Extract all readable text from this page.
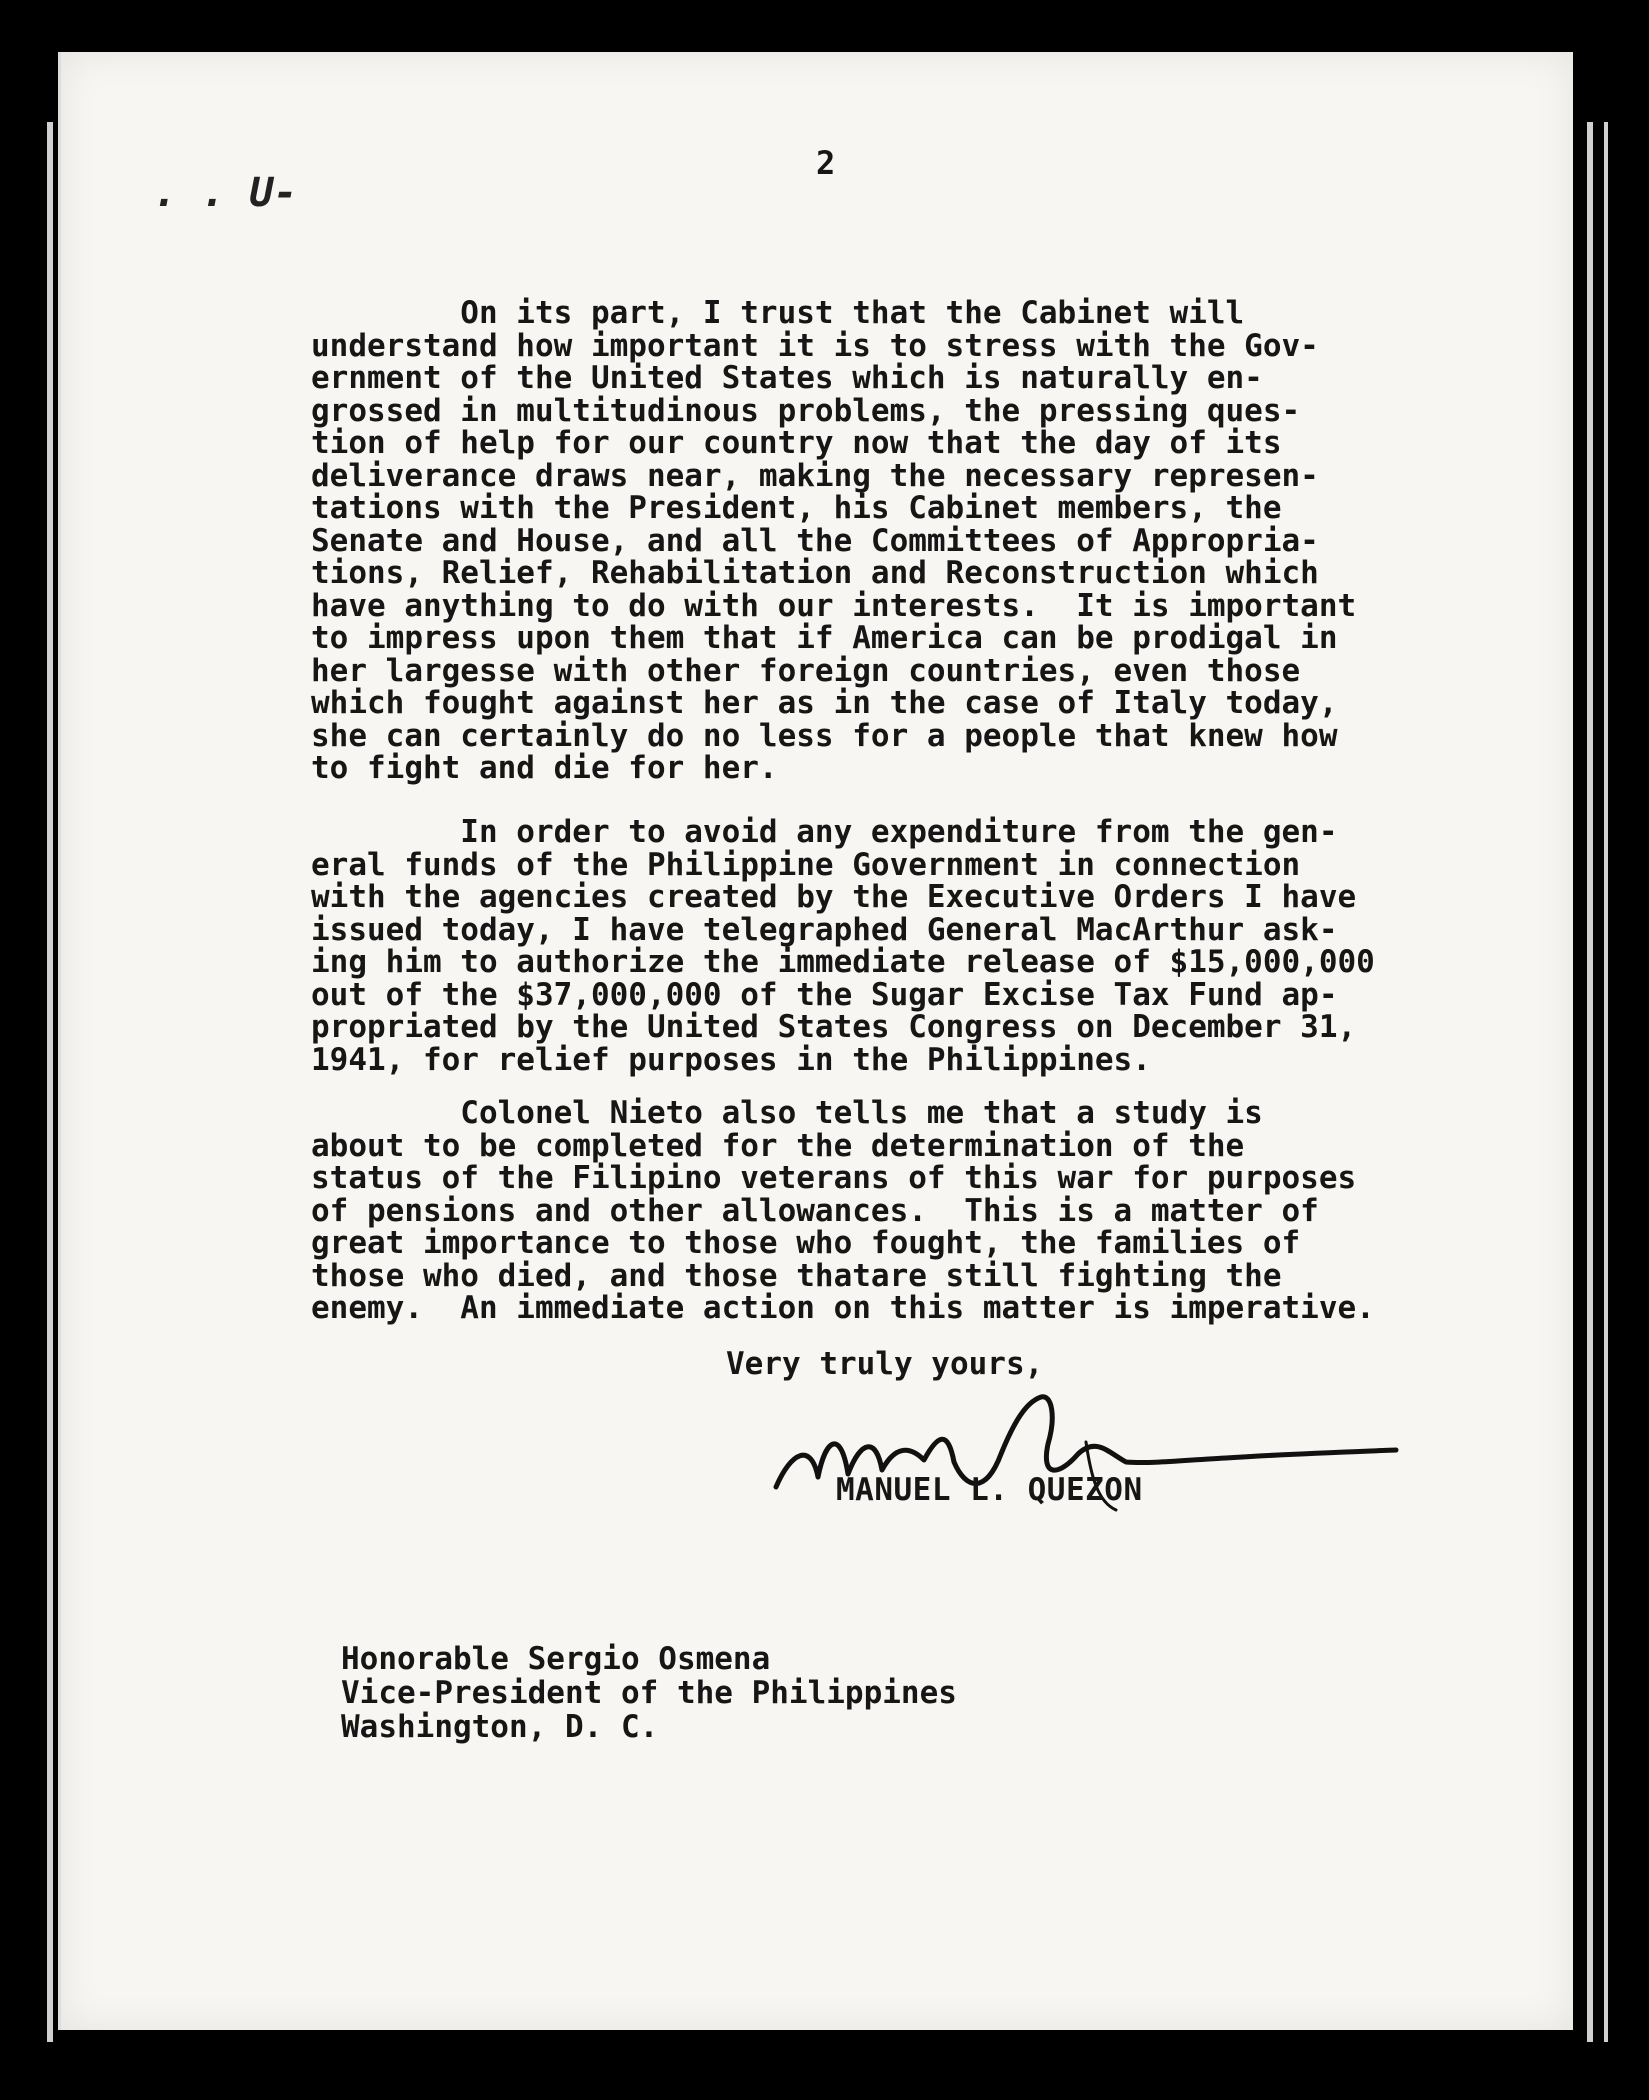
2
. . U-
On its part, I trust that the Cabinet will
understand how important it is to stress with the Gov-
ernment of the United States which is naturally en-
grossed in multitudinous problems, the pressing ques-
tion of help for our country now that the day of its
deliverance draws near, making the necessary represen-
tations with the President, his Cabinet members, the
Senate and House, and all the Committees of Appropria-
tions, Relief, Rehabilitation and Reconstruction which
have anything to do with our interests.  It is important
to impress upon them that if America can be prodigal in
her largesse with other foreign countries, even those
which fought against her as in the case of Italy today,
she can certainly do no less for a people that knew how
to fight and die for her.
In order to avoid any expenditure from the gen-
eral funds of the Philippine Government in connection
with the agencies created by the Executive Orders I have
issued today, I have telegraphed General MacArthur ask-
ing him to authorize the immediate release of $15,000,000
out of the $37,000,000 of the Sugar Excise Tax Fund ap-
propriated by the United States Congress on December 31,
1941, for relief purposes in the Philippines.
Colonel Nieto also tells me that a study is
about to be completed for the determination of the
status of the Filipino veterans of this war for purposes
of pensions and other allowances.  This is a matter of
great importance to those who fought, the families of
those who died, and those thatare still fighting the
enemy.  An immediate action on this matter is imperative.
Very truly yours,
MANUEL L. QUEZON
Honorable Sergio Osmena
Vice-President of the Philippines
Washington, D. C.
